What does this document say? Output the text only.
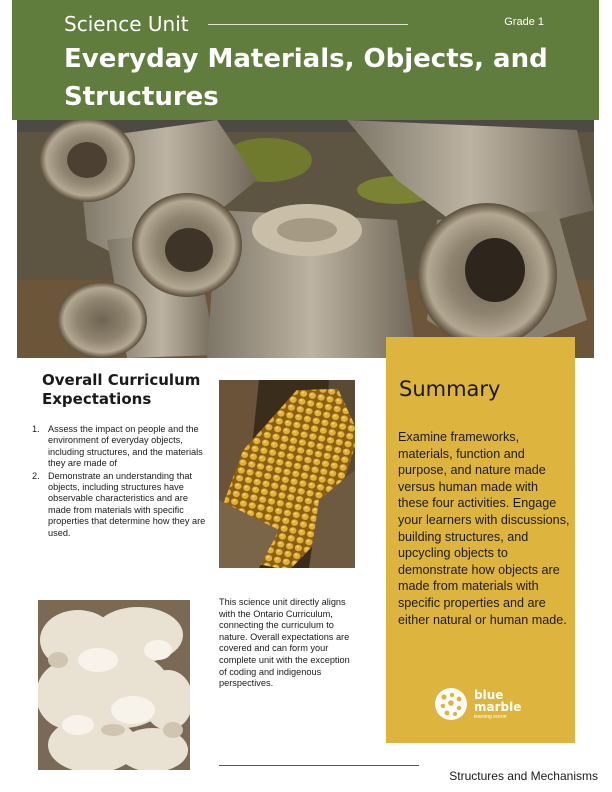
Science Unit	Grade 1
Everyday Materials, Objects, and Structures
Overall Curriculum Expectations
1. Assess the impact on people and the environment of everyday objects, including structures, and the materials they are made of
2. Demonstrate an understanding that objects, including structures have observable characteristics and are made from materials with specific properties that determine how they are used.

This science unit directly aligns with the Ontario Curriculum, connecting the curriculum to nature. Overall expectations are covered and can form your complete unit with the exception of coding and indigenous perspectives.

Summary

Examine frameworks, materials, function and purpose, and nature made versus human made with these four activities. Engage your learners with discussions, building structures, and upcycling objects to demonstrate how objects are made from materials with specific properties and are either natural or human made.

blue
marble
learning scene
Structures and Mechanisms
